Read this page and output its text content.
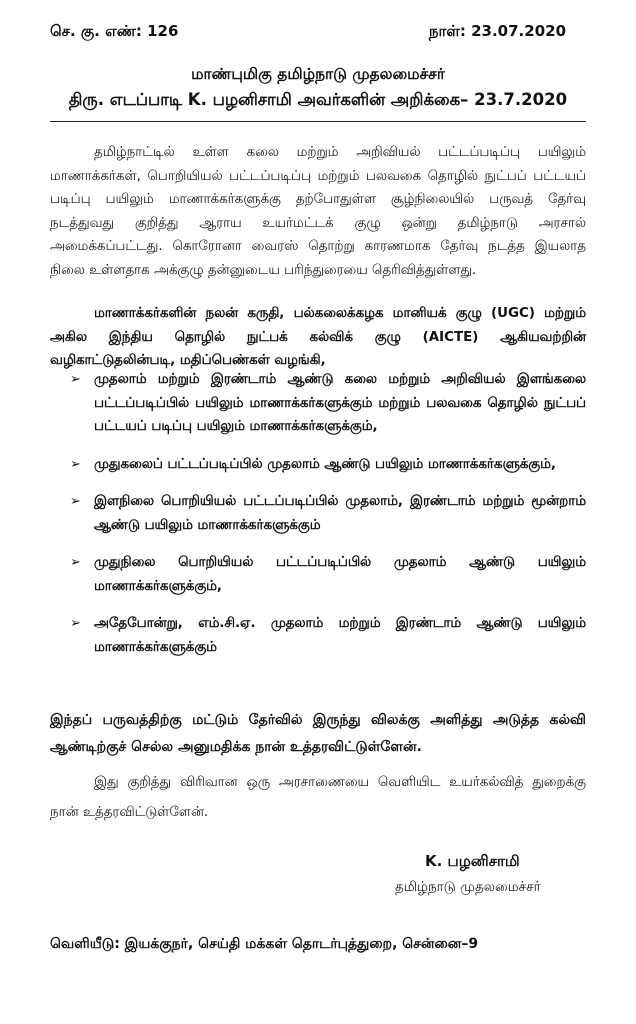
செ. கு. எண்: 126	நாள்: 23.07.2020
மாண்புமிகு தமிழ்நாடு முதலமைச்சர்
திரு. எடப்பாடி K. பழனிசாமி அவர்களின் அறிக்கை– 23.7.2020
தமிழ்நாட்டில் உள்ள கலை மற்றும் அறிவியல் பட்டப்படிப்பு பயிலும் மாணாக்கர்கள், பொறியியல் பட்டப்படிப்பு மற்றும் பலவகை தொழில் நுட்பப் பட்டயப் படிப்பு பயிலும் மாணாக்கர்களுக்கு தற்போதுள்ள சூழ்நிலையில் பருவத் தேர்வு நடத்துவது குறித்து ஆராய உயர்மட்டக் குழு ஒன்று தமிழ்நாடு அரசால் அமைக்கப்பட்டது. கொரோனா வைரஸ் தொற்று காரணமாக தேர்வு நடத்த இயலாத நிலை உள்ளதாக அக்குழு தன்னுடைய பரிந்துரையை தெரிவித்துள்ளது.
மாணாக்கர்களின் நலன் கருதி, பல்கலைக்கழக மானியக் குழு (UGC) மற்றும் அகில இந்திய தொழில் நுட்பக் கல்விக் குழு (AICTE) ஆகியவற்றின் வழிகாட்டுதலின்படி, மதிப்பெண்கள் வழங்கி,
➢ முதலாம் மற்றும் இரண்டாம் ஆண்டு கலை மற்றும் அறிவியல் இளங்கலை பட்டப்படிப்பில் பயிலும் மாணாக்கர்களுக்கும் மற்றும் பலவகை தொழில் நுட்பப் பட்டயப் படிப்பு பயிலும் மாணாக்கர்களுக்கும்,
➢ முதுகலைப் பட்டப்படிப்பில் முதலாம் ஆண்டு பயிலும் மாணாக்கர்களுக்கும்,
➢ இளநிலை பொறியியல் பட்டப்படிப்பில் முதலாம், இரண்டாம் மற்றும் மூன்றாம் ஆண்டு பயிலும் மாணாக்கர்களுக்கும்
➢ முதுநிலை பொறியியல் பட்டப்படிப்பில் முதலாம் ஆண்டு பயிலும் மாணாக்கர்களுக்கும்,
➢ அதேபோன்று, எம்.சி.ஏ. முதலாம் மற்றும் இரண்டாம் ஆண்டு பயிலும் மாணாக்கர்களுக்கும்
இந்தப் பருவத்திற்கு மட்டும் தேர்வில் இருந்து விலக்கு அளித்து அடுத்த கல்வி ஆண்டிற்குச் செல்ல அனுமதிக்க நான் உத்தரவிட்டுள்ளேன்.
இது குறித்து விரிவான ஒரு அரசாணையை வெளியிட உயர்கல்வித் துறைக்கு நான் உத்தரவிட்டுள்ளேன்.
K. பழனிசாமி
தமிழ்நாடு முதலமைச்சர்
வெளியீடு: இயக்குநர், செய்தி மக்கள் தொடர்புத்துறை, சென்னை–9
